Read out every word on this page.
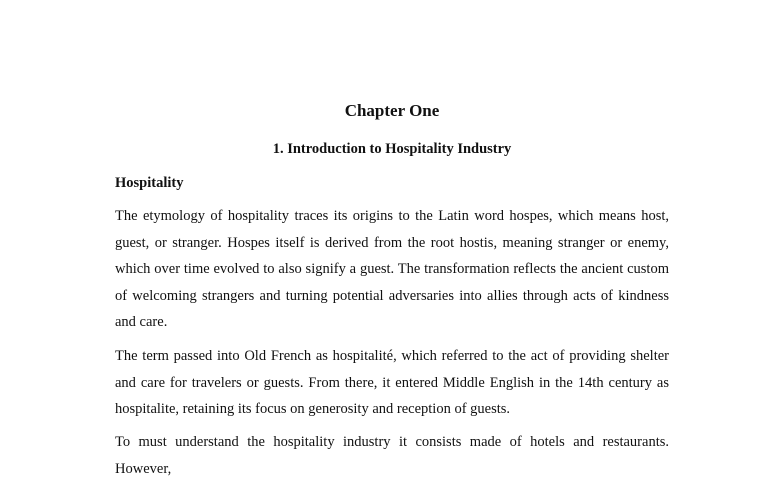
Chapter One
1. Introduction to Hospitality Industry
Hospitality

The etymology of hospitality traces its origins to the Latin word hospes, which means host, guest, or stranger. Hospes itself is derived from the root hostis, meaning stranger or enemy, which over time evolved to also signify a guest. The transformation reflects the ancient custom of welcoming strangers and turning potential adversaries into allies through acts of kindness and care.

The term passed into Old French as hospitalité, which referred to the act of providing shelter and care for travelers or guests. From there, it entered Middle English in the 14th century as hospitalite, retaining its focus on generosity and reception of guests.

To must understand the hospitality industry it consists made of hotels and restaurants. However,
